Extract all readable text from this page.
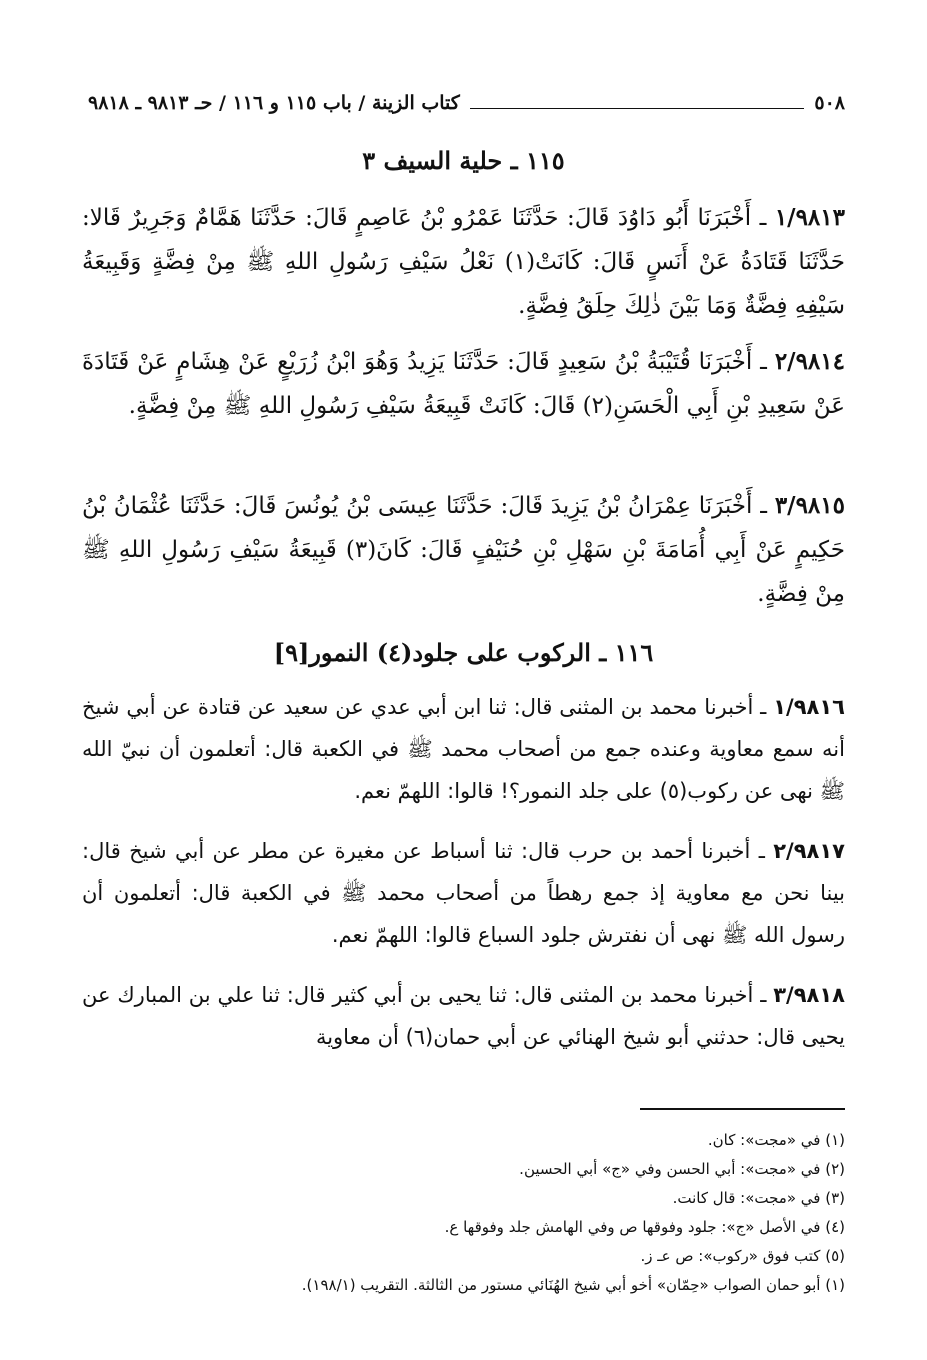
٥٠٨
كتاب الزينة / باب ١١٥ و ١١٦ / حـ ٩٨١٣ ـ ٩٨١٨
١١٥ ـ حلية السيف ٣
١/٩٨١٣ ـ أَخْبَرَنَا أَبُو دَاوُدَ قَالَ: حَدَّثَنَا عَمْرُو بْنُ عَاصِمٍ قَالَ: حَدَّثَنَا هَمَّامٌ وَجَرِيرٌ قَالا: حَدَّثَنَا قَتَادَةُ عَنْ أَنَسٍ قَالَ: كَانَتْ(١) نَعْلُ سَيْفِ رَسُولِ اللهِ ﷺ مِنْ فِضَّةٍ وَقَبِيعَةُ سَيْفِهِ فِضَّةٌ وَمَا بَيْنَ ذٰلِكَ حِلَقُ فِضَّةٍ.
٢/٩٨١٤ ـ أَخْبَرَنَا قُتَيْبَةُ بْنُ سَعِيدٍ قَالَ: حَدَّثَنَا يَزِيدُ وَهُوَ ابْنُ زُرَيْعٍ عَنْ هِشَامٍ عَنْ قَتَادَةَ عَنْ سَعِيدِ بْنِ أَبِي الْحَسَنِ(٢) قَالَ: كَانَتْ قَبِيعَةُ سَيْفِ رَسُولِ اللهِ ﷺ مِنْ فِضَّةٍ.
٣/٩٨١٥ ـ أَخْبَرَنَا عِمْرَانُ بْنُ يَزِيدَ قَالَ: حَدَّثَنَا عِيسَى بْنُ يُونُسَ قَالَ: حَدَّثَنَا عُثْمَانُ بْنُ حَكِيمٍ عَنْ أَبِي أُمَامَةَ بْنِ سَهْلِ بْنِ حُنَيْفٍ قَالَ: كَانَ(٣) قَبِيعَةُ سَيْفِ رَسُولِ اللهِ ﷺ مِنْ فِضَّةٍ.
١١٦ ـ الركوب على جلود(٤) النمور[٩]
١/٩٨١٦ ـ أخبرنا محمد بن المثنى قال: ثنا ابن أبي عدي عن سعيد عن قتادة عن أبي شيخ أنه سمع معاوية وعنده جمع من أصحاب محمد ﷺ في الكعبة قال: أتعلمون أن نبيّ الله ﷺ نهى عن ركوب(٥) على جلد النمور؟! قالوا: اللهمّ نعم.
٢/٩٨١٧ ـ أخبرنا أحمد بن حرب قال: ثنا أسباط عن مغيرة عن مطر عن أبي شيخ قال: بينا نحن مع معاوية إذ جمع رهطاً من أصحاب محمد ﷺ في الكعبة قال: أتعلمون أن رسول الله ﷺ نهى أن نفترش جلود السباع قالوا: اللهمّ نعم.
٣/٩٨١٨ ـ أخبرنا محمد بن المثنى قال: ثنا يحيى بن أبي كثير قال: ثنا علي بن المبارك عن يحيى قال: حدثني أبو شيخ الهنائي عن أبي حمان(٦) أن معاوية
(١) في «مجت»: كان.
(٢) في «مجت»: أبي الحسن وفي «ج» أبي الحسين.
(٣) في «مجت»: قال كانت.
(٤) في الأصل «ج»: جلود وفوقها ص وفي الهامش جلد وفوقها ع.
(٥) كتب فوق «ركوب»: ص عـ ز.
(١) أبو حمان الصواب «حِمّان» أخو أبي شيخ الهُنَائي مستور من الثالثة. التقريب (١٩٨/١).
